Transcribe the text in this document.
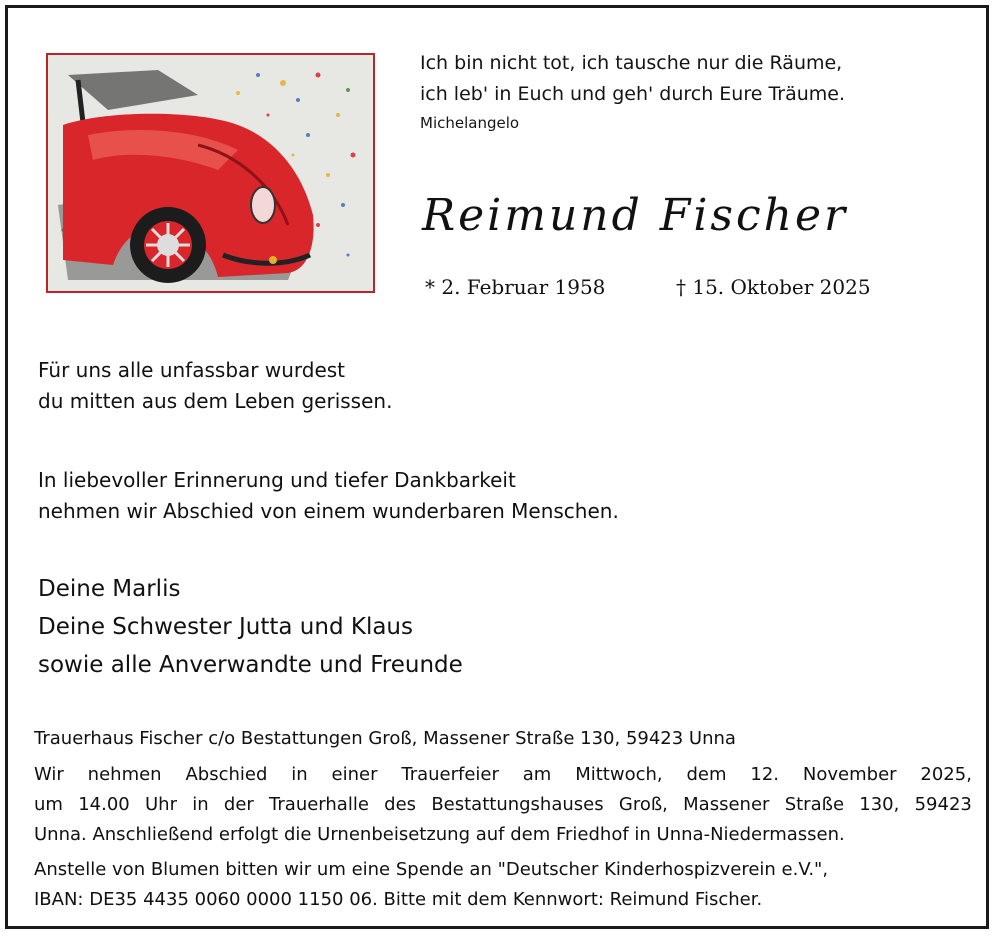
Ich bin nicht tot, ich tausche nur die Räume,
ich leb' in Euch und geh' durch Eure Träume.
Michelangelo
Reimund Fischer
* 2. Februar 1958	† 15. Oktober 2025
Für uns alle unfassbar wurdest
du mitten aus dem Leben gerissen.
In liebevoller Erinnerung und tiefer Dankbarkeit
nehmen wir Abschied von einem wunderbaren Menschen.
Deine Marlis
Deine Schwester Jutta und Klaus
sowie alle Anverwandte und Freunde
Trauerhaus Fischer c/o Bestattungen Groß, Massener Straße 130, 59423 Unna
Wir nehmen Abschied in einer Trauerfeier am Mittwoch, dem 12. November 2025,
um 14.00 Uhr in der Trauerhalle des Bestattungshauses Groß, Massener Straße 130, 59423
Unna. Anschließend erfolgt die Urnenbeisetzung auf dem Friedhof in Unna-Niedermassen.
Anstelle von Blumen bitten wir um eine Spende an "Deutscher Kinderhospizverein e.V.",
IBAN: DE35 4435 0060 0000 1150 06. Bitte mit dem Kennwort: Reimund Fischer.
